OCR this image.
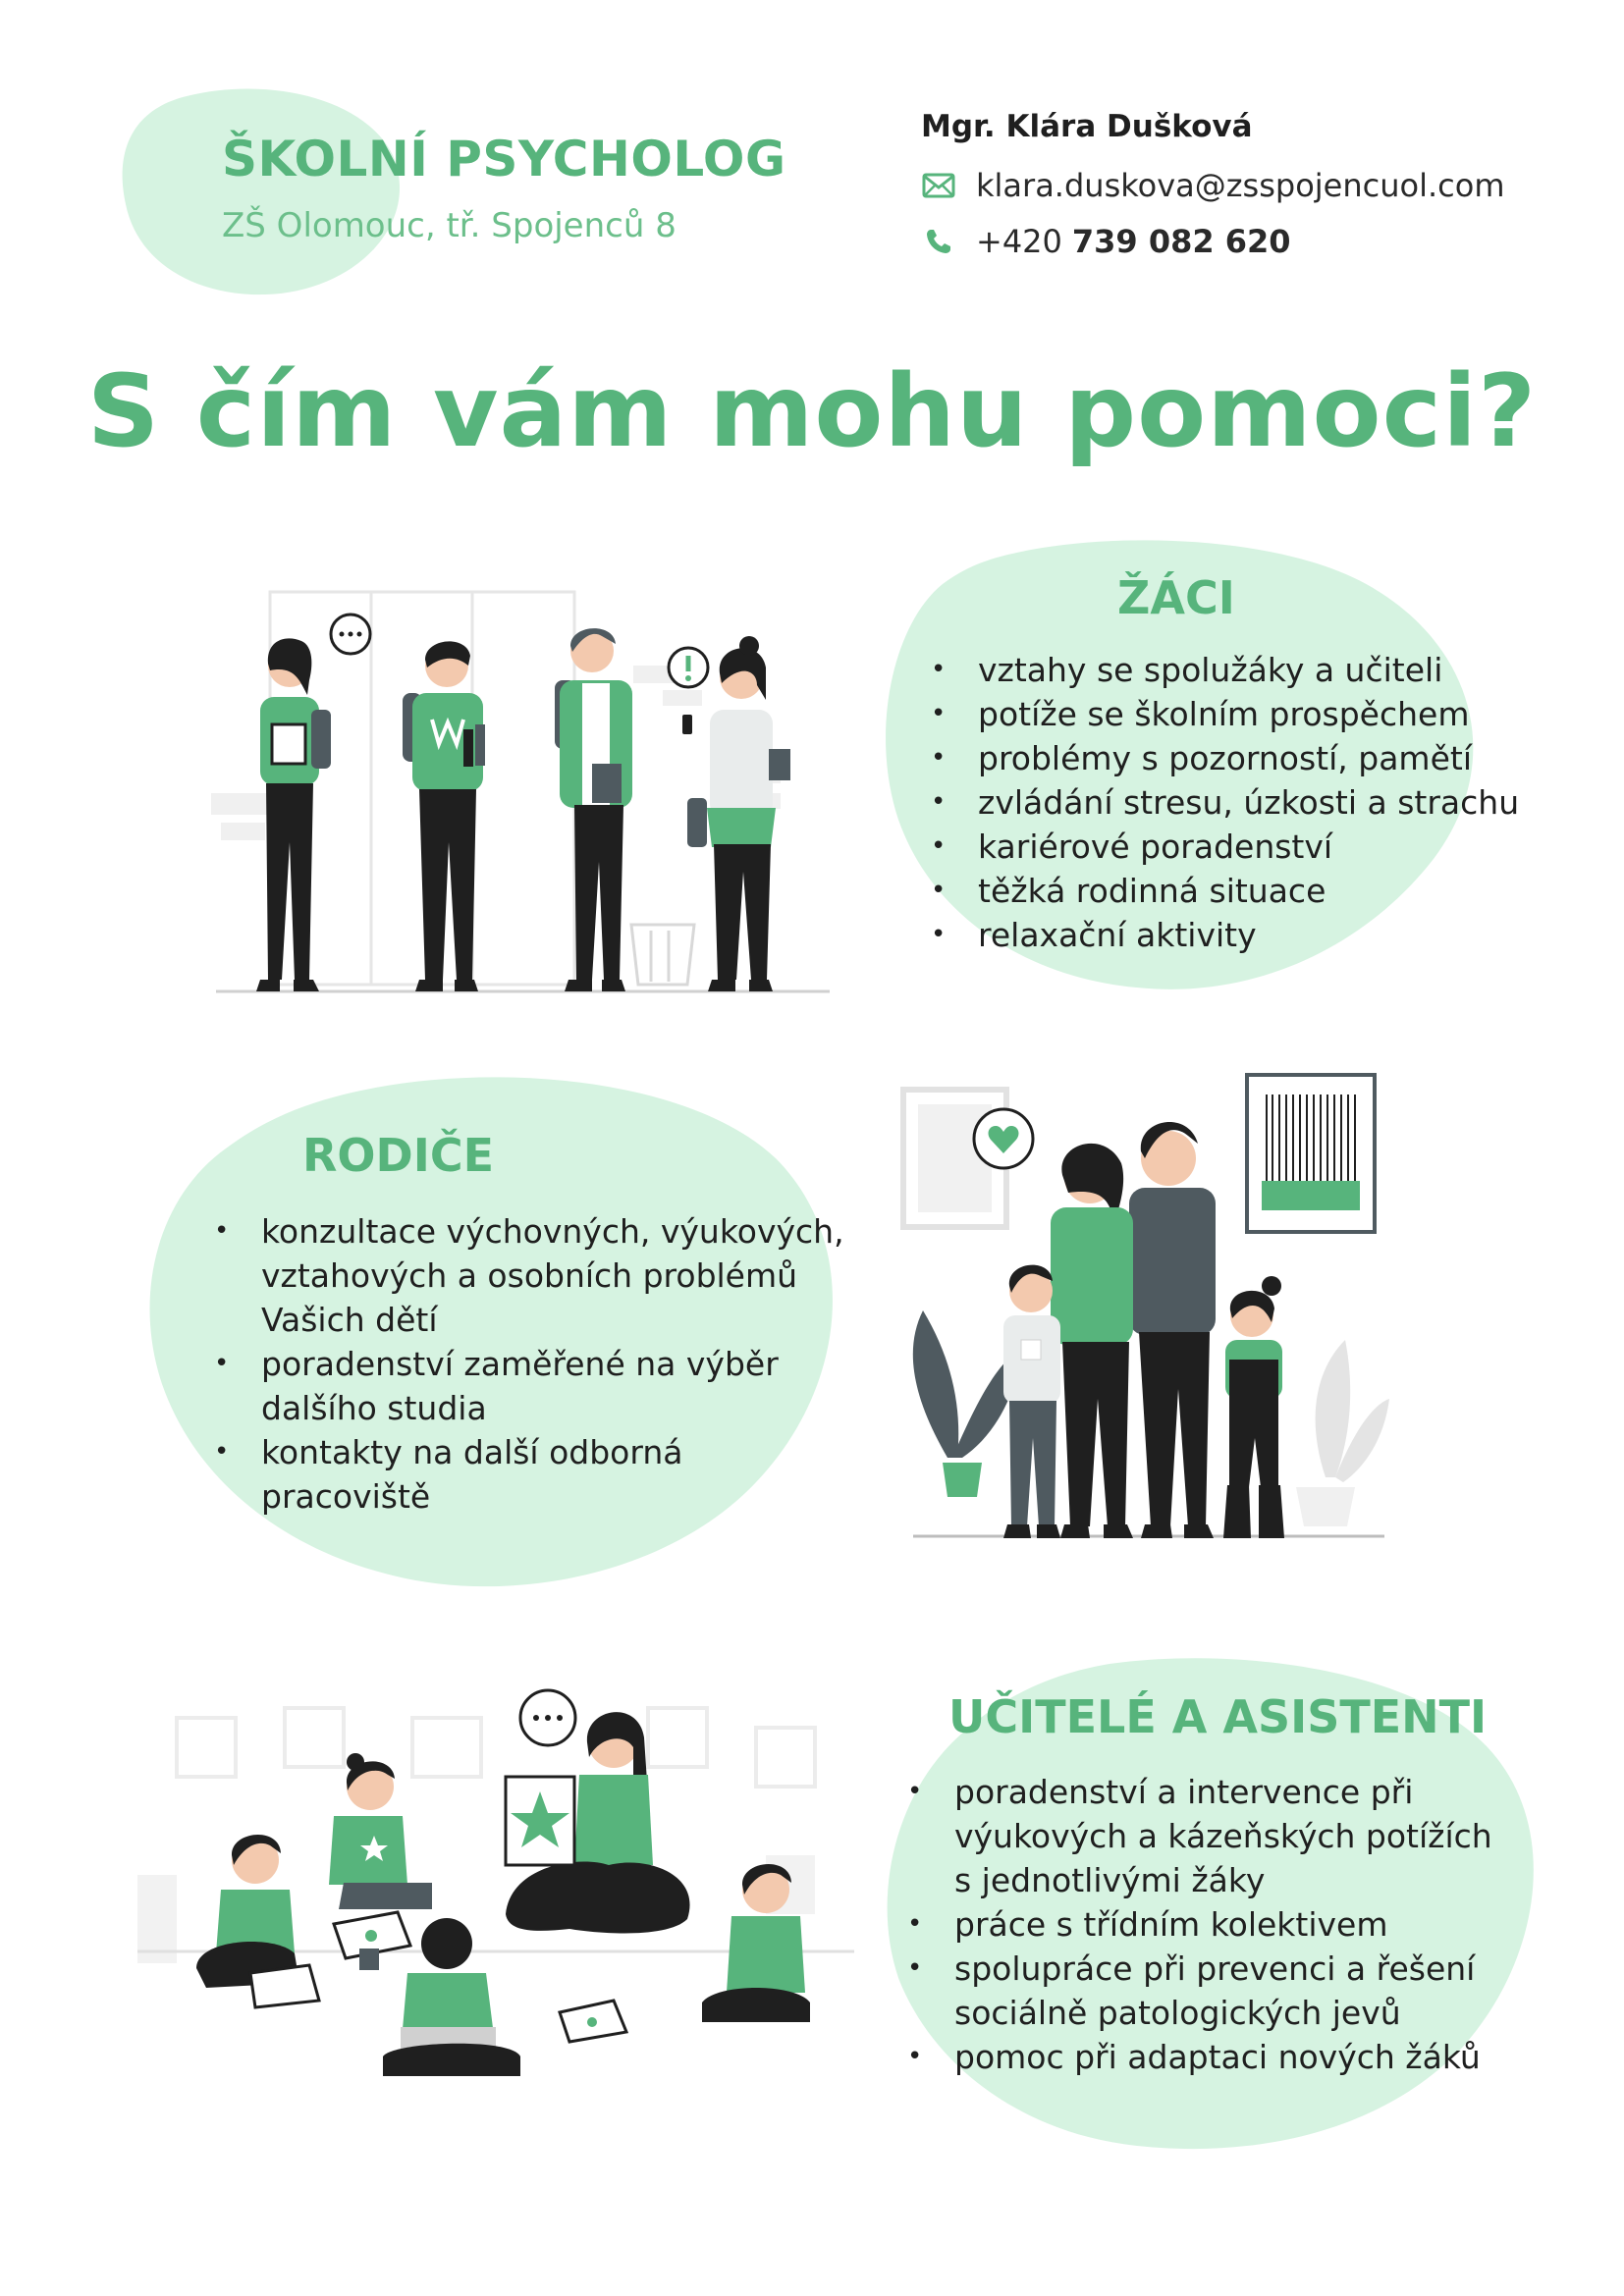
ŠKOLNÍ PSYCHOLOG
ZŠ Olomouc, tř. Spojenců 8
Mgr. Klára Dušková
klara.duskova@zsspojencuol.com
+420 739 082 620
S čím vám mohu pomoci?
ŽÁCI
• vztahy se spolužáky a učiteli
• potíže se školním prospěchem
• problémy s pozorností, pamětí
• zvládání stresu, úzkosti a strachu
• kariérové poradenství
• těžká rodinná situace
• relaxační aktivity
RODIČE
• konzultace výchovných, výukových,
vztahových a osobních problémů
Vašich dětí
• poradenství zaměřené na výběr
dalšího studia
• kontakty na další odborná
pracoviště
UČITELÉ A ASISTENTI
• poradenství a intervence při
výukových a kázeňských potížích
s jednotlivými žáky
• práce s třídním kolektivem
• spolupráce při prevenci a řešení
sociálně patologických jevů
• pomoc při adaptaci nových žáků
